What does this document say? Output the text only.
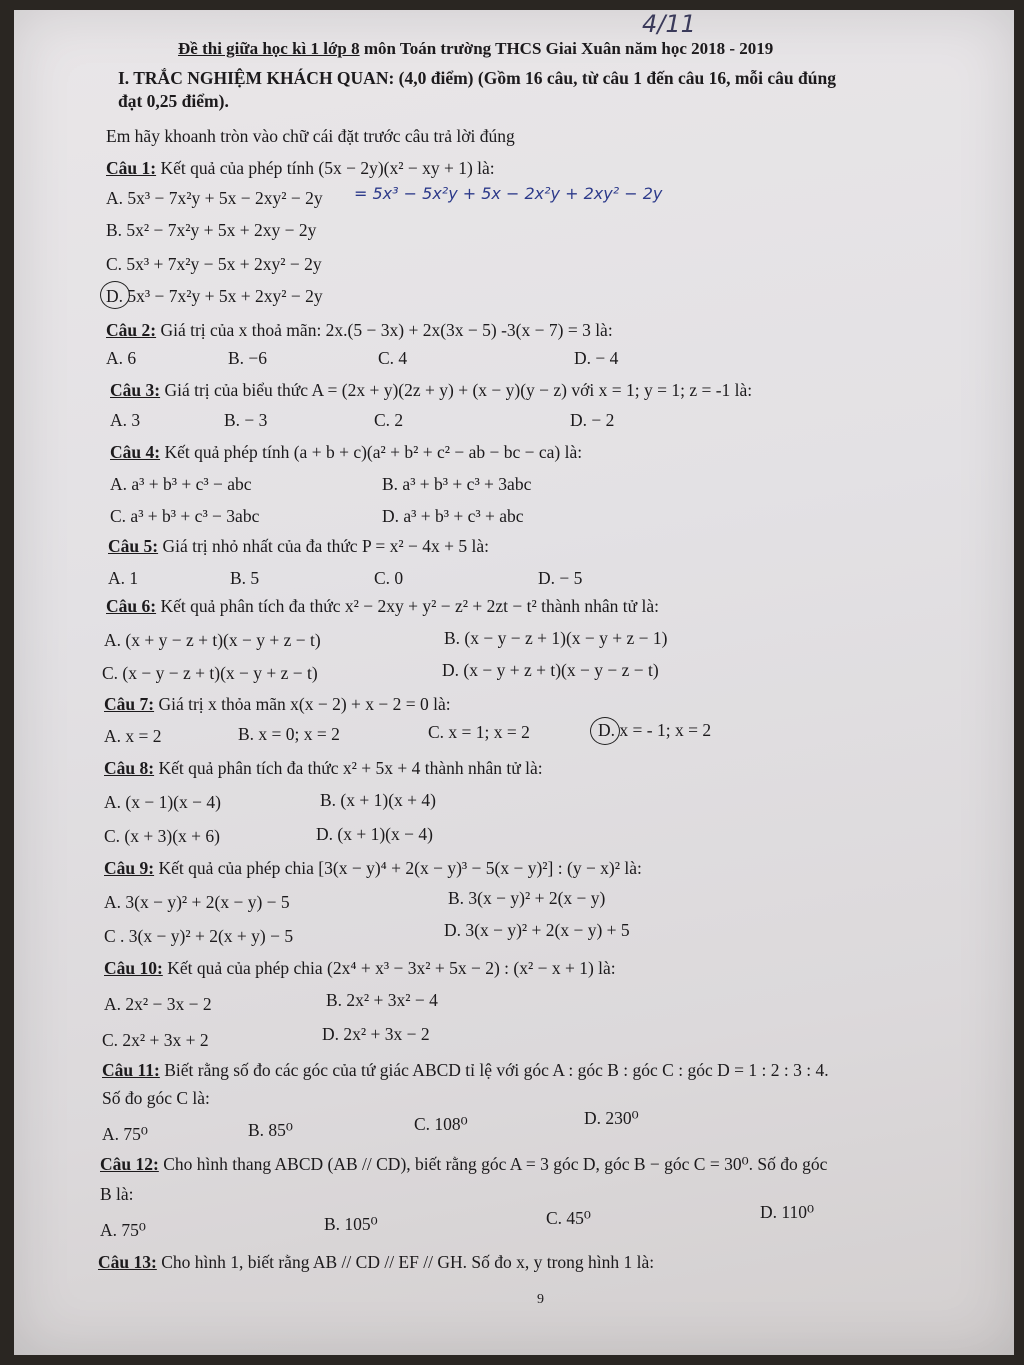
4/11
Đề thi giữa học kì 1 lớp 8 môn Toán trường THCS Giai Xuân năm học 2018 - 2019
I. TRẮC NGHIỆM KHÁCH QUAN: (4,0 điểm) (Gồm 16 câu, từ câu 1 đến câu 16, mỗi câu đúng
đạt 0,25 điểm).
Em hãy khoanh tròn vào chữ cái đặt trước câu trả lời đúng
Câu 1: Kết quả của phép tính (5x − 2y)(x² − xy + 1) là:
A. 5x³ − 7x²y + 5x − 2xy² − 2y = 5x³ − 5x²y + 5x − 2x²y + 2xy² − 2y
B. 5x² − 7x²y + 5x + 2xy − 2y
C. 5x³ + 7x²y − 5x + 2xy² − 2y
D. 5x³ − 7x²y + 5x + 2xy² − 2y
Câu 2: Giá trị của x thoả mãn: 2x.(5 − 3x) + 2x(3x − 5) -3(x − 7) = 3 là:
A. 6	B. −6	C. 4	D. − 4
Câu 3: Giá trị của biểu thức A = (2x + y)(2z + y) + (x − y)(y − z) với x = 1; y = 1; z = -1 là:
A. 3	B. − 3	C. 2	D. − 2
Câu 4: Kết quả phép tính (a + b + c)(a² + b² + c² − ab − bc − ca) là:
A. a³ + b³ + c³ − abc	B. a³ + b³ + c³ + 3abc
C. a³ + b³ + c³ − 3abc	D. a³ + b³ + c³ + abc
Câu 5: Giá trị nhỏ nhất của đa thức P = x² − 4x + 5 là:
A. 1	B. 5	C. 0	D. − 5
Câu 6: Kết quả phân tích đa thức x² − 2xy + y² − z² + 2zt − t² thành nhân tử là:
A. (x + y − z + t)(x − y + z − t)	B. (x − y − z + 1)(x − y + z − 1)
C. (x − y − z + t)(x − y + z − t)	D. (x − y + z + t)(x − y − z − t)
Câu 7: Giá trị x thỏa mãn x(x − 2) + x − 2 = 0 là:
A. x = 2	B. x = 0; x = 2	C. x = 1; x = 2	D. x = - 1; x = 2
Câu 8: Kết quả phân tích đa thức x² + 5x + 4 thành nhân tử là:
A. (x − 1)(x − 4)	B. (x + 1)(x + 4)
C. (x + 3)(x + 6)	D. (x + 1)(x − 4)
Câu 9: Kết quả của phép chia [3(x − y)⁴ + 2(x − y)³ − 5(x − y)²] : (y − x)² là:
A. 3(x − y)² + 2(x − y) − 5	B. 3(x − y)² + 2(x − y)
C . 3(x − y)² + 2(x + y) − 5	D. 3(x − y)² + 2(x − y) + 5
Câu 10: Kết quả của phép chia (2x⁴ + x³ − 3x² + 5x − 2) : (x² − x + 1) là:
A. 2x² − 3x − 2	B. 2x² + 3x² − 4
C. 2x² + 3x + 2	D. 2x² + 3x − 2
Câu 11: Biết rằng số đo các góc của tứ giác ABCD tỉ lệ với góc A : góc B : góc C : góc D = 1 : 2 : 3 : 4.
Số đo góc C là:
A. 75⁰	B. 85⁰	C. 108⁰	D. 230⁰
Câu 12: Cho hình thang ABCD (AB // CD), biết rằng góc A = 3 góc D, góc B − góc C = 30⁰. Số đo góc
B là:
A. 75⁰	B. 105⁰	C. 45⁰	D. 110⁰
Câu 13: Cho hình 1, biết rằng AB // CD // EF // GH. Số đo x, y trong hình 1 là:
9
